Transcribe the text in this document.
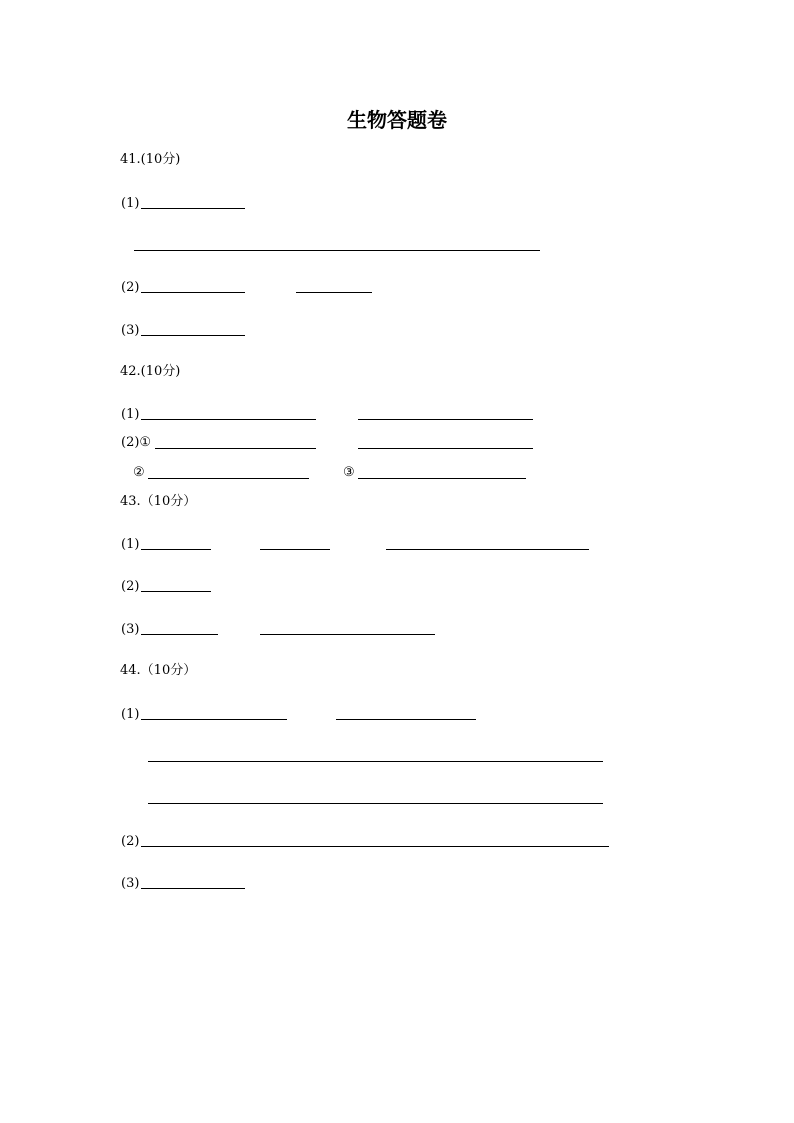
生物答题卷
41.(10分)
(1)
(2)
(3)
42.(10分)
(1)
(2)①
②	③
43.（10分）
(1)
(2)
(3)
44.（10分）
(1)
(2)
(3)
